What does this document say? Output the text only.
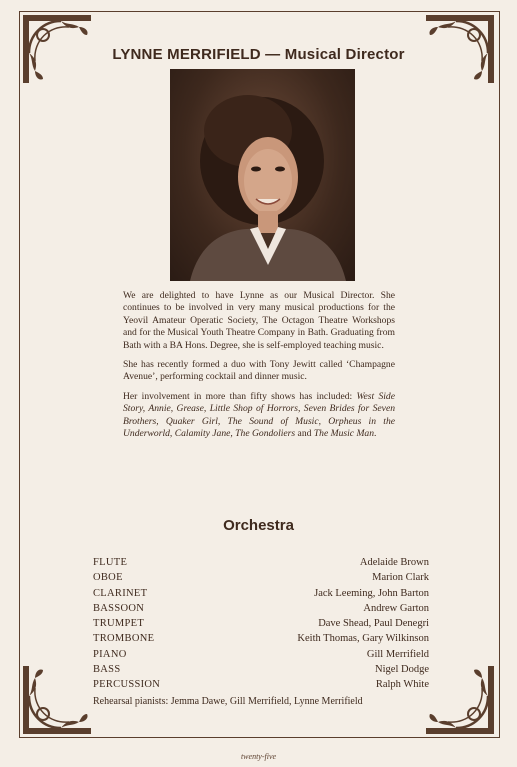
LYNNE MERRIFIELD — Musical Director

We are delighted to have Lynne as our Musical Director. She continues to be involved in very many musical productions for the Yeovil Amateur Operatic Society, The Octagon Theatre Workshops and for the Musical Youth Theatre Company in Bath. Graduating from Bath with a BA Hons. Degree, she is self-employed teaching music.

She has recently formed a duo with Tony Jewitt called ‘Champagne Avenue’, performing cocktail and dinner music.

Her involvement in more than fifty shows has included: West Side Story, Annie, Grease, Little Shop of Horrors, Seven Brides for Seven Brothers, Quaker Girl, The Sound of Music, Orpheus in the Underworld, Calamity Jane, The Gondoliers and The Music Man.

Orchestra
FLUTE	Adelaide Brown
OBOE	Marion Clark
CLARINET	Jack Leeming, John Barton
BASSOON	Andrew Garton
TRUMPET	Dave Shead, Paul Denegri
TROMBONE	Keith Thomas, Gary Wilkinson
PIANO	Gill Merrifield
BASS	Nigel Dodge
PERCUSSION	Ralph White
Rehearsal pianists: Jemma Dawe, Gill Merrifield, Lynne Merrifield
twenty-five
